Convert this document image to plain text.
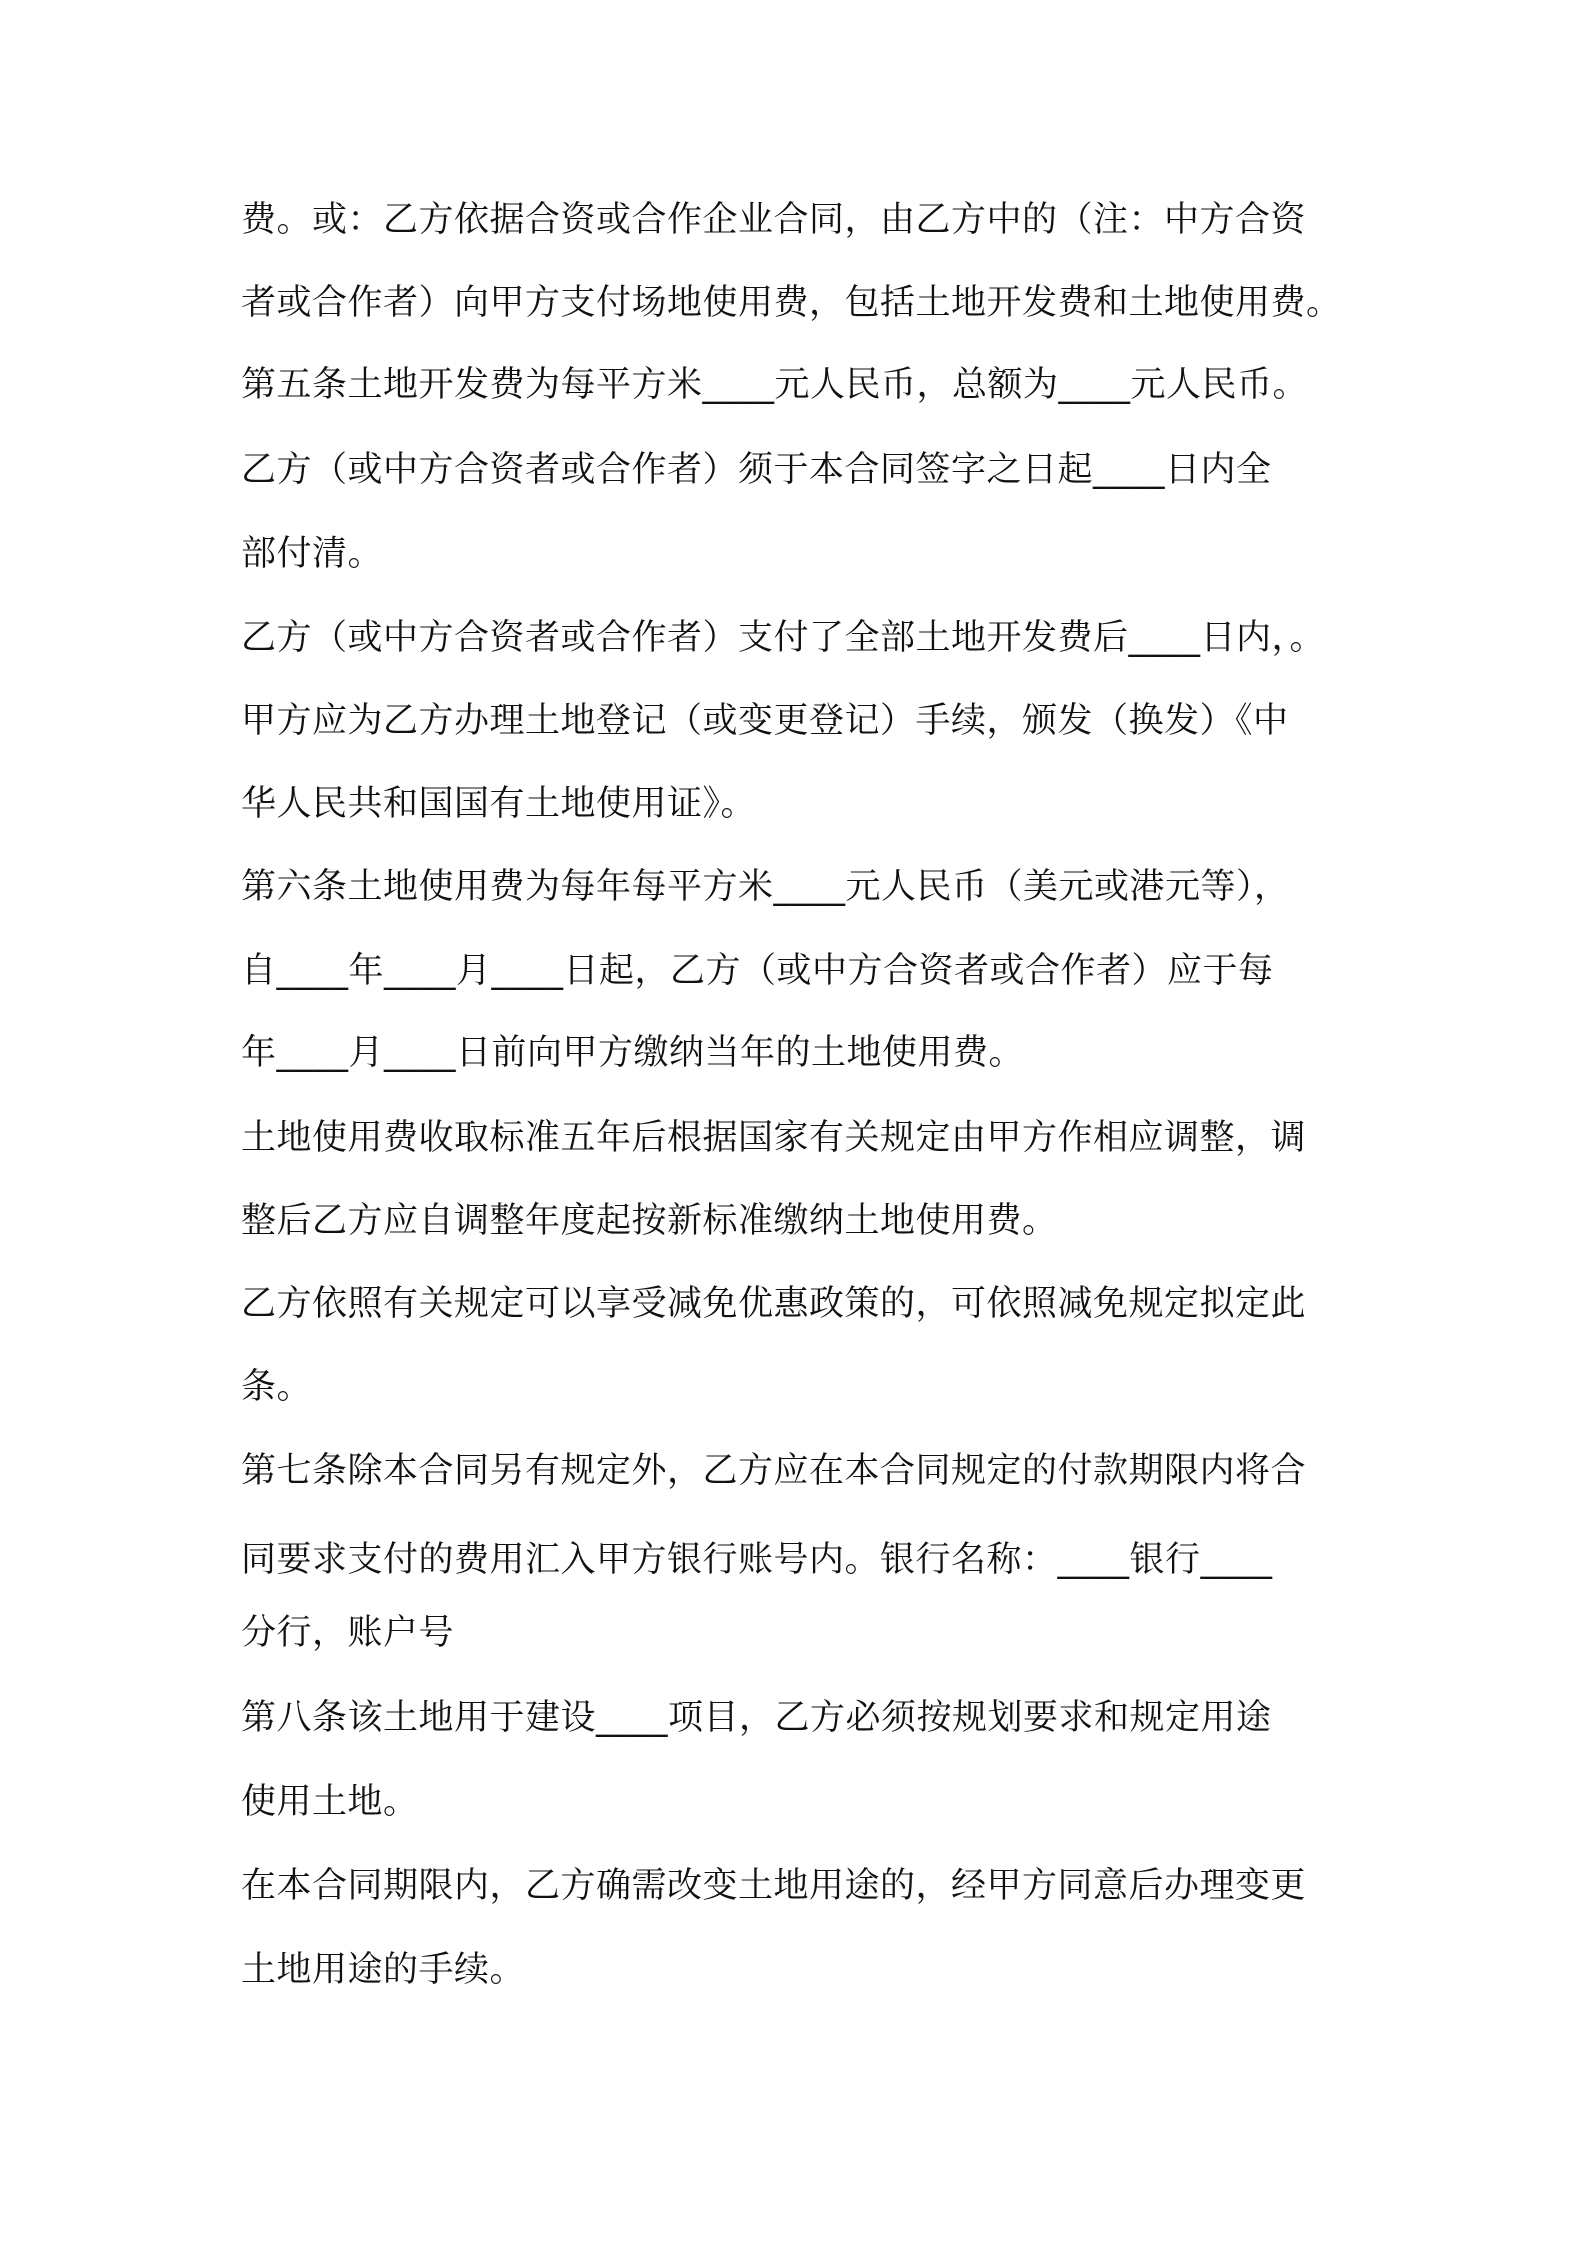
费。或：乙方依据合资或合作企业合同，由乙方中的（注：中方合资
者或合作者）向甲方支付场地使用费，包括土地开发费和土地使用费。
第五条土地开发费为每平方米____元人民币，总额为____元人民币。
乙方（或中方合资者或合作者）须于本合同签字之日起____日内全
部付清。
乙方（或中方合资者或合作者）支付了全部土地开发费后____日内，。
甲方应为乙方办理土地登记（或变更登记）手续，颁发（换发）《中
华人民共和国国有土地使用证》。
第六条土地使用费为每年每平方米____元人民币（美元或港元等），
自____年____月____日起，乙方（或中方合资者或合作者）应于每
年____月____日前向甲方缴纳当年的土地使用费。
土地使用费收取标准五年后根据国家有关规定由甲方作相应调整，调
整后乙方应自调整年度起按新标准缴纳土地使用费。
乙方依照有关规定可以享受减免优惠政策的，可依照减免规定拟定此
条。
第七条除本合同另有规定外，乙方应在本合同规定的付款期限内将合
同要求支付的费用汇入甲方银行账号内。银行名称：____银行____
分行，账户号
第八条该土地用于建设____项目，乙方必须按规划要求和规定用途
使用土地。
在本合同期限内，乙方确需改变土地用途的，经甲方同意后办理变更
土地用途的手续。
